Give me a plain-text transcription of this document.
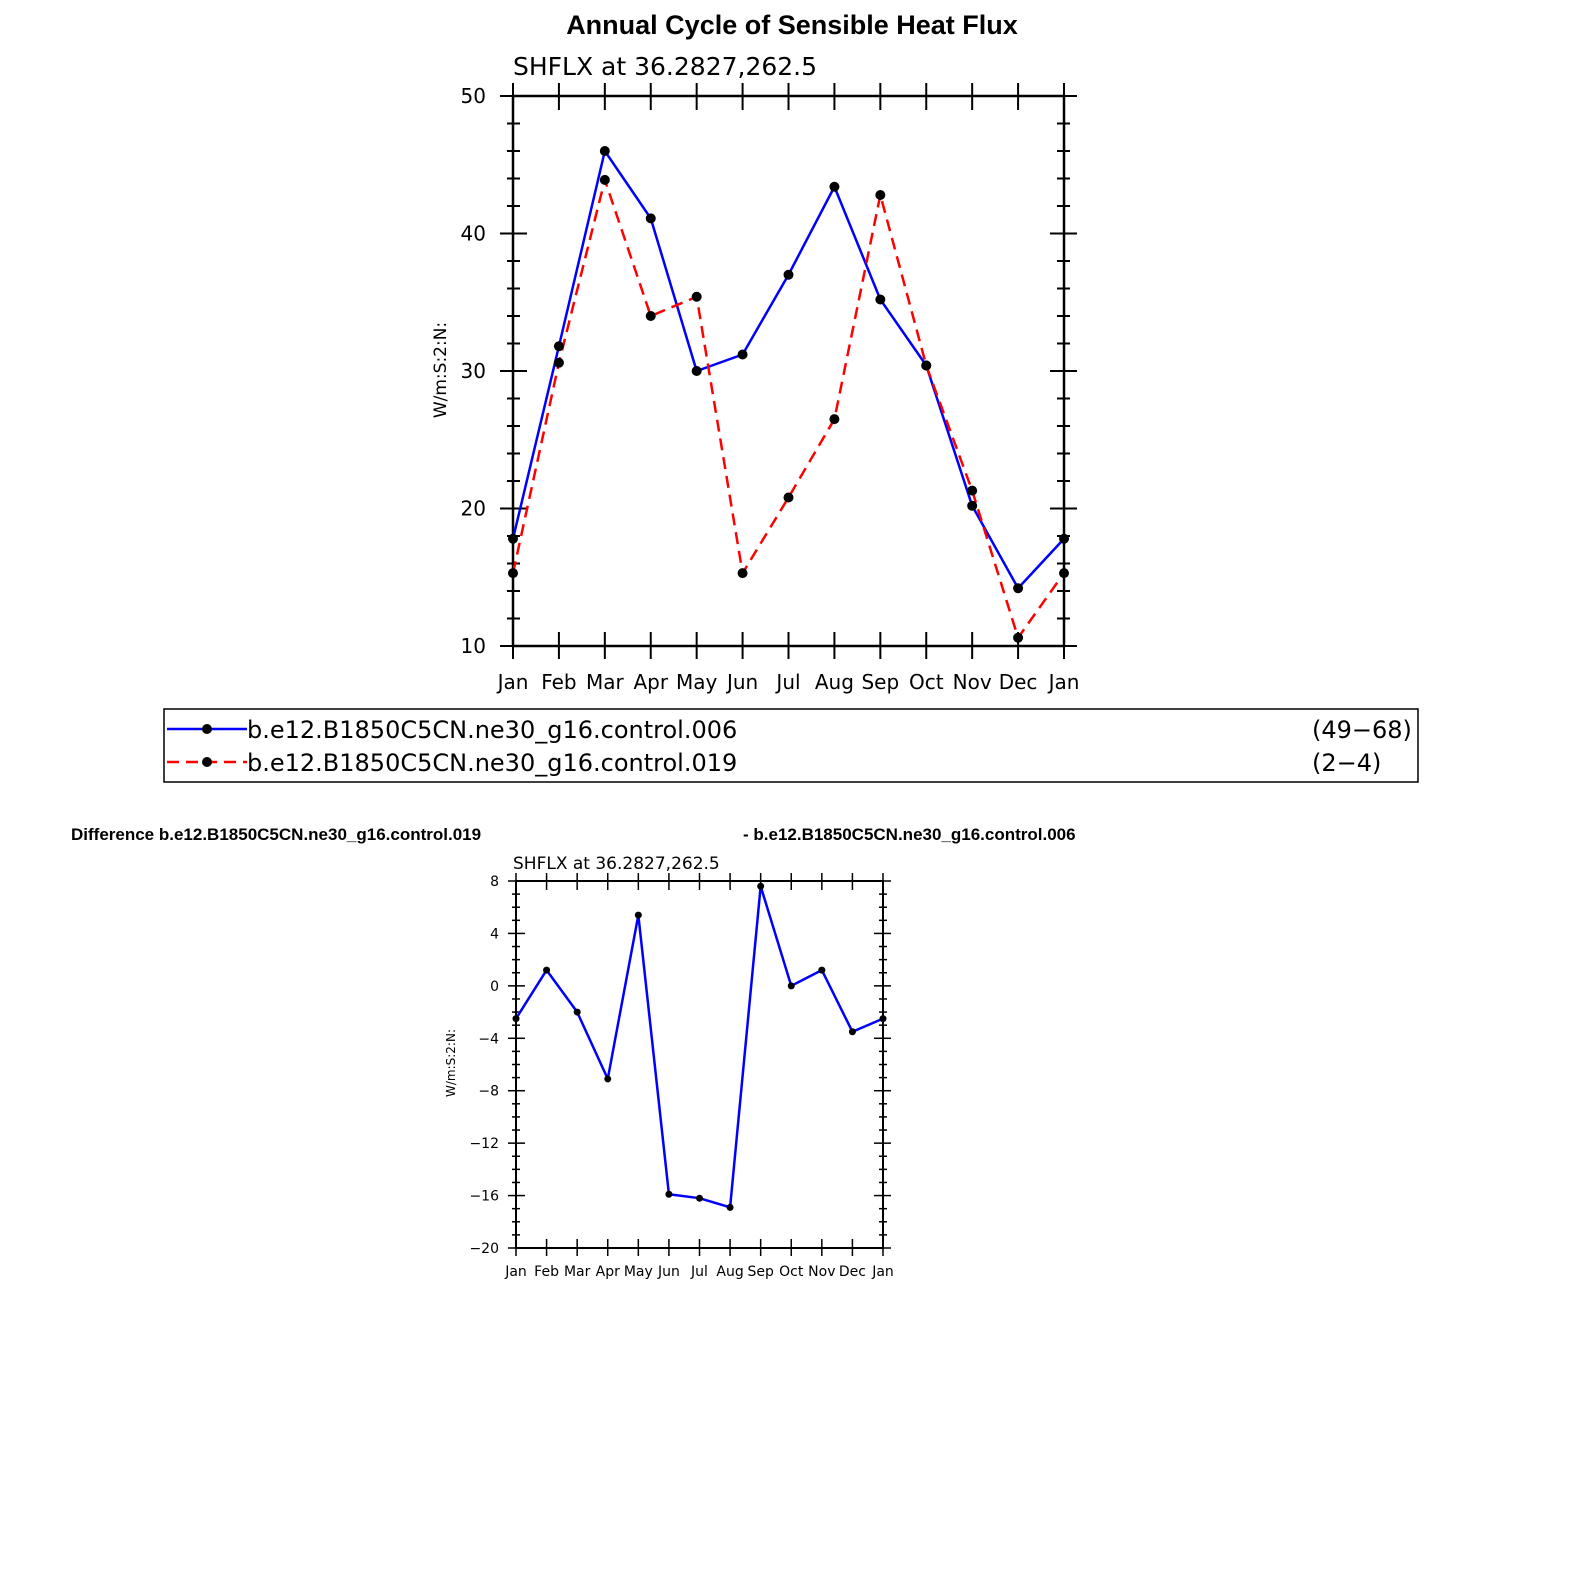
Annual Cycle of Sensible Heat Flux
SHFLX at 36.2827,262.5
W/m:S:2:N:
Jan Feb Mar Apr May Jun Jul Aug Sep Oct Nov Dec Jan
10
20
30
40
50
b.e12.B1850C5CN.ne30_g16.control.006	(49−68)
b.e12.B1850C5CN.ne30_g16.control.019	(2−4)
Difference b.e12.B1850C5CN.ne30_g16.control.019	- b.e12.B1850C5CN.ne30_g16.control.006
SHFLX at 36.2827,262.5
W/m:S:2:N:
Jan Feb Mar Apr May Jun Jul Aug Sep Oct Nov Dec Jan
−20
−16
−12
−8
−4
0
4
8
